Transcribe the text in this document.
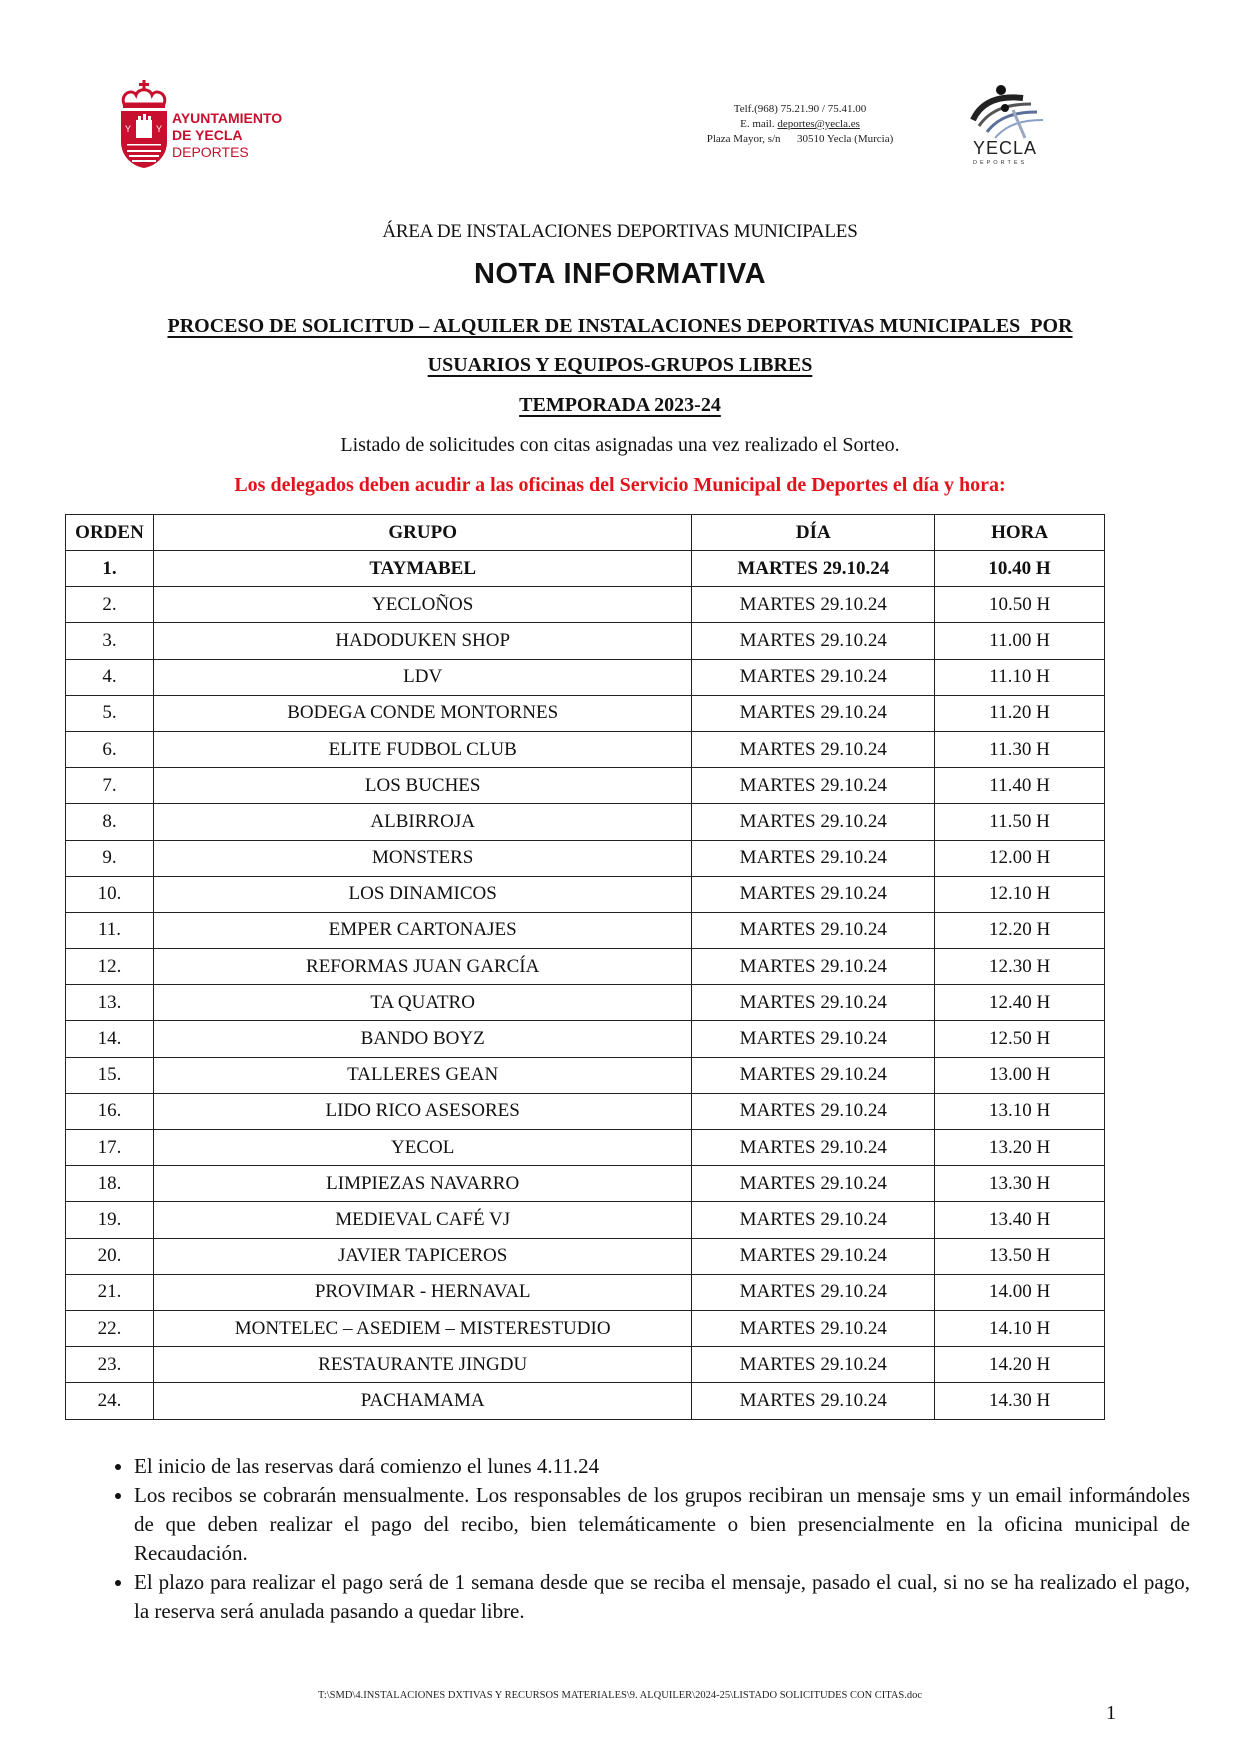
Y	Y
AYUNTAMIENTO
DE YECLA
DEPORTES
Telf.(968) 75.21.90 / 75.41.00
E. mail. deportes@yecla.es
Plaza Mayor, s/n      30510 Yecla (Murcia)	YECLA
DEPORTES
ÁREA DE INSTALACIONES DEPORTIVAS MUNICIPALES
NOTA INFORMATIVA
PROCESO DE SOLICITUD – ALQUILER DE INSTALACIONES DEPORTIVAS MUNICIPALES  POR
USUARIOS Y EQUIPOS-GRUPOS LIBRES
TEMPORADA 2023-24
Listado de solicitudes con citas asignadas una vez realizado el Sorteo.
Los delegados deben acudir a las oficinas del Servicio Municipal de Deportes el día y hora:
ORDEN	GRUPO	DÍA	HORA
1.	TAYMABEL	MARTES 29.10.24	10.40 H
2.	YECLOÑOS	MARTES 29.10.24	10.50 H
3.	HADODUKEN SHOP	MARTES 29.10.24	11.00 H
4.	LDV	MARTES 29.10.24	11.10 H
5.	BODEGA CONDE MONTORNES	MARTES 29.10.24	11.20 H
6.	ELITE FUDBOL CLUB	MARTES 29.10.24	11.30 H
7.	LOS BUCHES	MARTES 29.10.24	11.40 H
8.	ALBIRROJA	MARTES 29.10.24	11.50 H
9.	MONSTERS	MARTES 29.10.24	12.00 H
10.	LOS DINAMICOS	MARTES 29.10.24	12.10 H
11.	EMPER CARTONAJES	MARTES 29.10.24	12.20 H
12.	REFORMAS JUAN GARCÍA	MARTES 29.10.24	12.30 H
13.	TA QUATRO	MARTES 29.10.24	12.40 H
14.	BANDO BOYZ	MARTES 29.10.24	12.50 H
15.	TALLERES GEAN	MARTES 29.10.24	13.00 H
16.	LIDO RICO ASESORES	MARTES 29.10.24	13.10 H
17.	YECOL	MARTES 29.10.24	13.20 H
18.	LIMPIEZAS NAVARRO	MARTES 29.10.24	13.30 H
19.	MEDIEVAL CAFÉ VJ	MARTES 29.10.24	13.40 H
20.	JAVIER TAPICEROS	MARTES 29.10.24	13.50 H
21.	PROVIMAR - HERNAVAL	MARTES 29.10.24	14.00 H
22.	MONTELEC – ASEDIEM – MISTERESTUDIO	MARTES 29.10.24	14.10 H
23.	RESTAURANTE JINGDU	MARTES 29.10.24	14.20 H
24.	PACHAMAMA	MARTES 29.10.24	14.30 H
• El inicio de las reservas dará comienzo el lunes 4.11.24
• Los recibos se cobrarán mensualmente. Los responsables de los grupos recibiran un mensaje sms y un email informándoles de que deben realizar el pago del recibo, bien telemáticamente o bien presencialmente en la oficina municipal de Recaudación.
• El plazo para realizar el pago será de 1 semana desde que se reciba el mensaje, pasado el cual, si no se ha realizado el pago, la reserva será anulada pasando a quedar libre.
T:\SMD\4.INSTALACIONES DXTIVAS Y RECURSOS MATERIALES\9. ALQUILER\2024-25\LISTADO SOLICITUDES CON CITAS.doc
1
